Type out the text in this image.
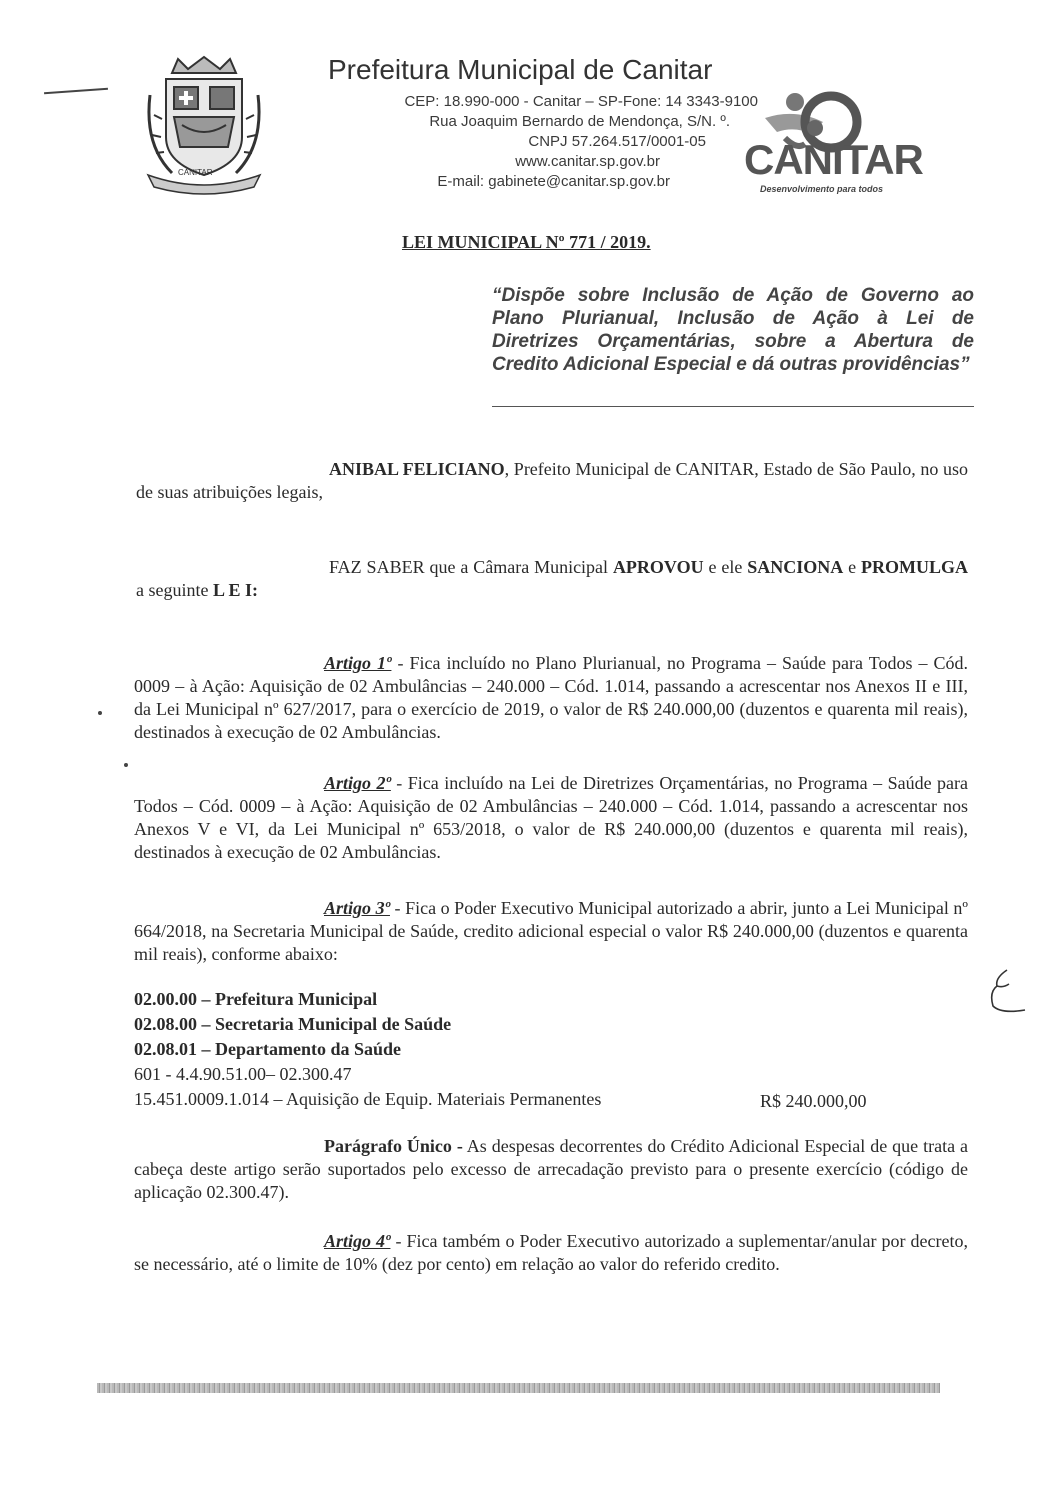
CANITAR
Prefeitura Municipal de Canitar
CEP: 18.990-000 - Canitar – SP-Fone: 14 3343-9100
Rua Joaquim Bernardo de Mendonça, S/N. º.
CNPJ 57.264.517/0001-05
www.canitar.sp.gov.br
E-mail: gabinete@canitar.sp.gov.br CANITAR
Desenvolvimento para todos
LEI MUNICIPAL Nº 771 / 2019.
“Dispõe sobre Inclusão de Ação de Governo ao Plano Plurianual, Inclusão de Ação à Lei de Diretrizes Orçamentárias, sobre a Abertura de Credito Adicional Especial e dá outras providências”
ANIBAL FELICIANO, Prefeito Municipal de CANITAR, Estado de São Paulo, no uso de suas atribuições legais,
FAZ SABER que a Câmara Municipal APROVOU e ele SANCIONA e PROMULGA a seguinte L E I:
Artigo 1º - Fica incluído no Plano Plurianual, no Programa – Saúde para Todos – Cód. 0009 – à Ação: Aquisição de 02 Ambulâncias – 240.000 – Cód. 1.014, passando a acrescentar nos Anexos II e III, da Lei Municipal nº 627/2017, para o exercício de 2019, o valor de R$ 240.000,00 (duzentos e quarenta mil reais), destinados à execução de 02 Ambulâncias.
Artigo 2º - Fica incluído na Lei de Diretrizes Orçamentárias, no Programa – Saúde para Todos – Cód. 0009 – à Ação: Aquisição de 02 Ambulâncias – 240.000 – Cód. 1.014, passando a acrescentar nos Anexos V e VI, da Lei Municipal nº 653/2018, o valor de R$ 240.000,00 (duzentos e quarenta mil reais), destinados à execução de 02 Ambulâncias.
Artigo 3º - Fica o Poder Executivo Municipal autorizado a abrir, junto a Lei Municipal nº 664/2018, na Secretaria Municipal de Saúde, credito adicional especial o valor R$ 240.000,00 (duzentos e quarenta mil reais), conforme abaixo:
02.00.00 – Prefeitura Municipal
02.08.00 – Secretaria Municipal de Saúde
02.08.01 – Departamento da Saúde
601 - 4.4.90.51.00– 02.300.47
15.451.0009.1.014 – Aquisição de Equip. Materiais Permanentes	R$ 240.000,00
Parágrafo Único - As despesas decorrentes do Crédito Adicional Especial de que trata a cabeça deste artigo serão suportados pelo excesso de arrecadação previsto para o presente exercício (código de aplicação 02.300.47).
Artigo 4º - Fica também o Poder Executivo autorizado a suplementar/anular por decreto, se necessário, até o limite de 10% (dez por cento) em relação ao valor do referido credito.
